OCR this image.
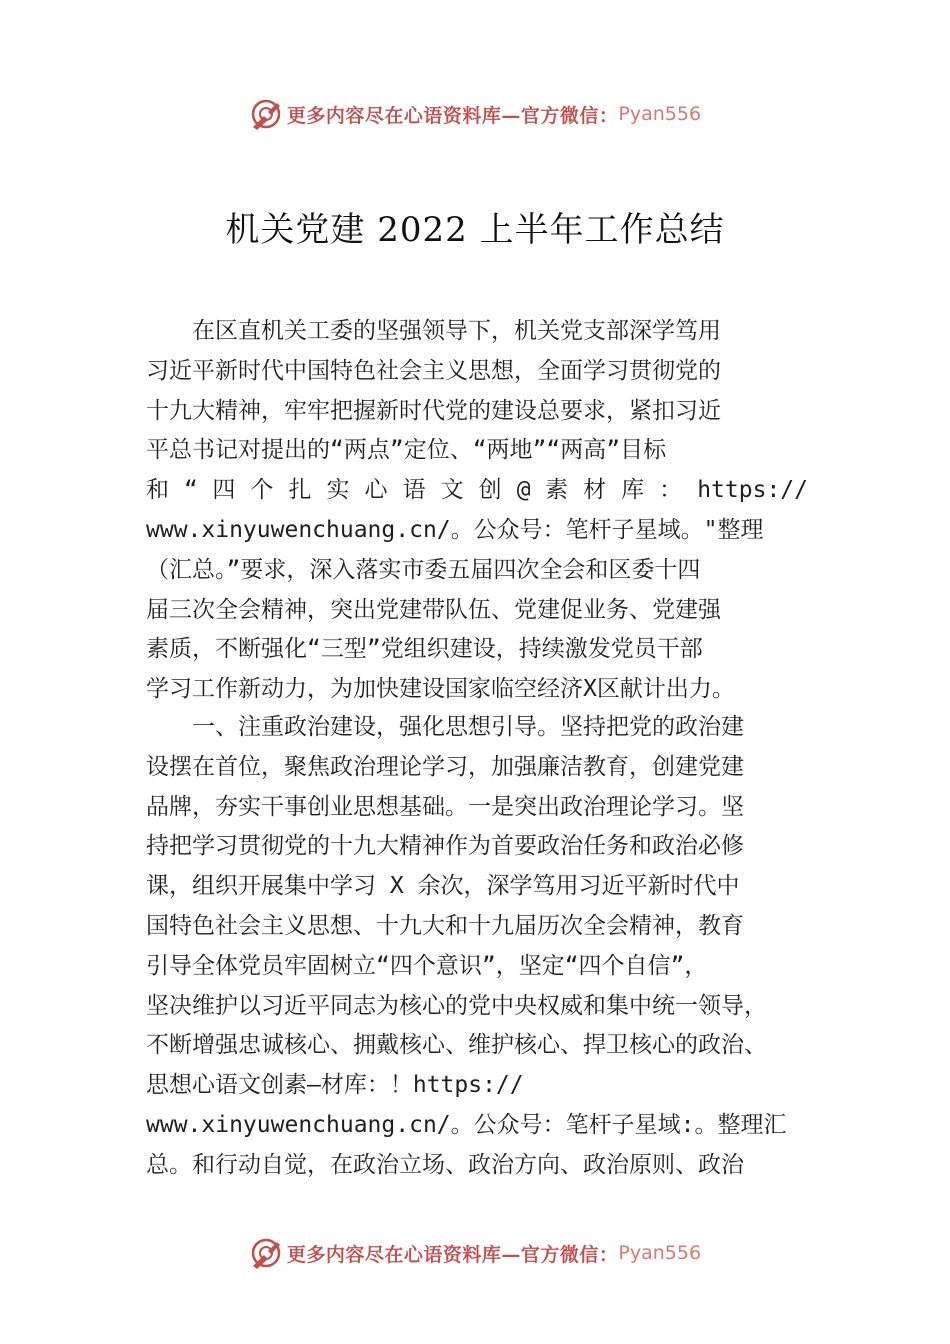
更多内容尽在心语资料库—官方微信： Pyan556
机关党建 2022 上半年工作总结
　　在区直机关工委的坚强领导下，机关党支部深学笃用
习近平新时代中国特色社会主义思想，全面学习贯彻党的
十九大精神，牢牢把握新时代党的建设总要求，紧扣习近
平总书记对提出的“两点”定位、“两地”“两高”目标
和 “ 四 个 扎 实 心 语 文 创 @ 素 材 库 ： https://
www.xinyuwenchuang.cn/。公众号：笔杆子星域。"整理
（汇总。”要求，深入落实市委五届四次全会和区委十四
届三次全会精神，突出党建带队伍、党建促业务、党建强
素质，不断强化“三型”党组织建设，持续激发党员干部
学习工作新动力，为加快建设国家临空经济X区献计出力。
　　一、注重政治建设，强化思想引导。坚持把党的政治建
设摆在首位，聚焦政治理论学习，加强廉洁教育，创建党建
品牌，夯实干事创业思想基础。一是突出政治理论学习。坚
持把学习贯彻党的十九大精神作为首要政治任务和政治必修
课，组织开展集中学习 X 余次，深学笃用习近平新时代中
国特色社会主义思想、十九大和十九届历次全会精神，教育
引导全体党员牢固树立“四个意识”，坚定“四个自信”，
坚决维护以习近平同志为核心的党中央权威和集中统一领导，
不断增强忠诚核心、拥戴核心、维护核心、捍卫核心的政治、
思想心语文创素—材库：！https://
www.xinyuwenchuang.cn/。公众号：笔杆子星域:。整理汇
总。和行动自觉，在政治立场、政治方向、政治原则、政治
更多内容尽在心语资料库—官方微信： Pyan556
